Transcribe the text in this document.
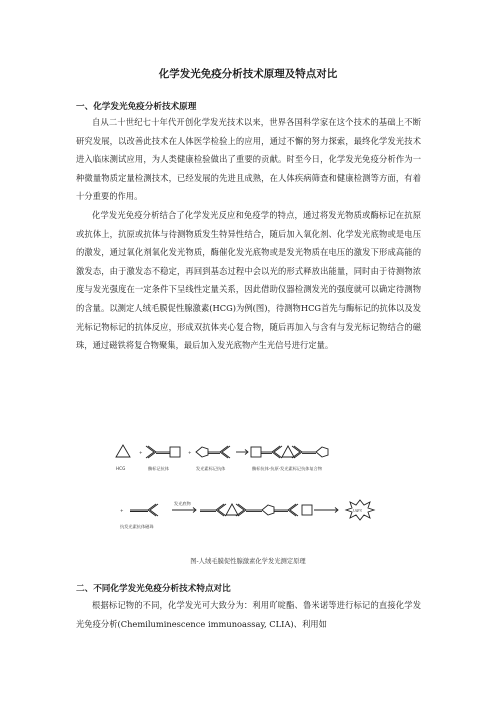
化学发光免疫分析技术原理及特点对比
一、化学发光免疫分析技术原理

自从二十世纪七十年代开创化学发光技术以来，世界各国科学家在这个技术的基础上不断研究发展，以改善此技术在人体医学检验上的应用，通过不懈的努力探索，最终化学发光技术进入临床测试应用，为人类健康检验做出了重要的贡献。时至今日，化学发光免疫分析作为一种微量物质定量检测技术，已经发展的先进且成熟，在人体疾病筛查和健康检测等方面，有着十分重要的作用。

化学发光免疫分析结合了化学发光反应和免疫学的特点，通过将发光物质或酶标记在抗原或抗体上，抗原或抗体与待测物质发生特异性结合，随后加入氧化剂、化学发光底物或是电压的激发，通过氧化剂氧化发光物质，酶催化发光底物或是发光物质在电压的激发下形成高能的激发态，由于激发态不稳定，再回到基态过程中会以光的形式释放出能量，同时由于待测物浓度与发光强度在一定条件下呈线性定量关系，因此借助仪器检测发光的强度就可以确定待测物的含量。以测定人绒毛膜促性腺激素(HCG)为例(图)，待测物HCG首先与酶标记的抗体以及发光标记物标记的抗体反应，形成双抗体夹心复合物，随后再加入与含有与发光标记物结合的磁珠，通过磁铁将复合物聚集，最后加入发光底物产生光信号进行定量。

+	+
+
HCG	酶标记抗体	发光素标记抗体	酶标抗体-抗原-发光素标记抗体复合物
发光底物
抗发光素抗体磁珠
Light
图-人绒毛膜促性腺激素化学发光测定原理
二、不同化学发光免疫分析技术特点对比

根据标记物的不同，化学发光可大致分为：利用吖啶酯、鲁米诺等进行标记的直接化学发光免疫分析(Chemiluminescence immunoassay, CLIA)、利用如
